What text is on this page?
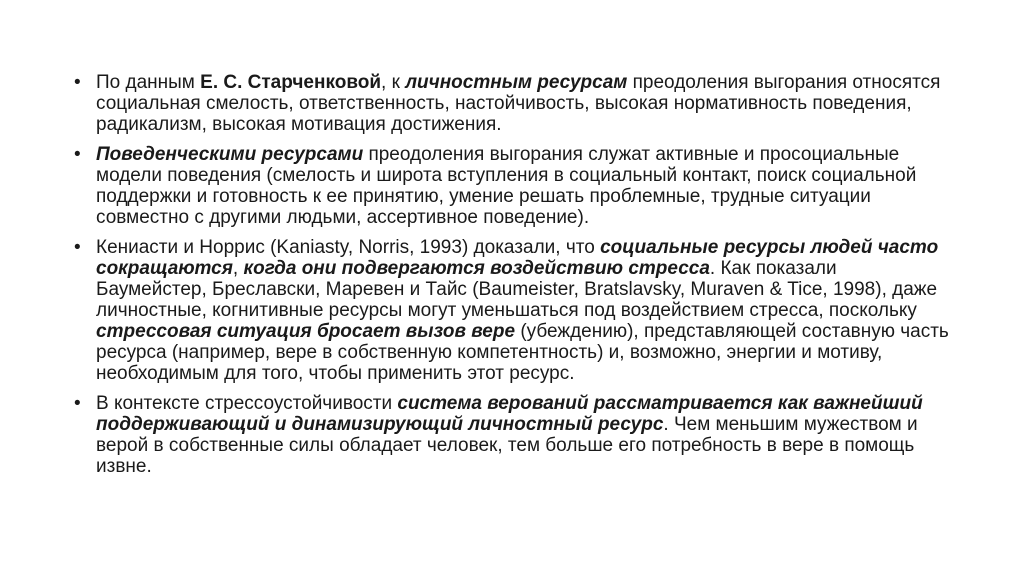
• По данным Е. С. Старченковой, к личностным ресурсам преодоления выгорания относятся социальная смелость, ответственность, настойчивость, высокая нормативность поведения, радикализм, высокая мотивация достижения.
• Поведенческими ресурсами преодоления выгорания служат активные и просоциальные модели поведения (смелость и широта вступления в социальный контакт, поиск социальной поддержки и готовность к ее принятию, умение решать проблемные, трудные ситуации совместно с другими людьми, ассертивное поведение).
• Кениасти и Норрис (Kaniasty, Norris, 1993) доказали, что социальные ресурсы людей часто сокращаются, когда они подвергаются воздействию стресса. Как показали Баумейстер, Бреславски, Маревен и Тайс (Baumeister, Bratslavsky, Muraven & Tice, 1998), даже личностные, когнитивные ресурсы могут уменьшаться под воздействием стресса, поскольку стрессовая ситуация бросает вызов вере (убеждению), представляющей составную часть ресурса (например, вере в собственную компетентность) и, возможно, энергии и мотиву, необходимым для того, чтобы применить этот ресурс.
• В контексте стрессоустойчивости система верований рассматривается как важнейший поддерживающий и динамизирующий личностный ресурс. Чем меньшим мужеством и верой в собственные силы обладает человек, тем больше его потребность в вере в помощь извне.
